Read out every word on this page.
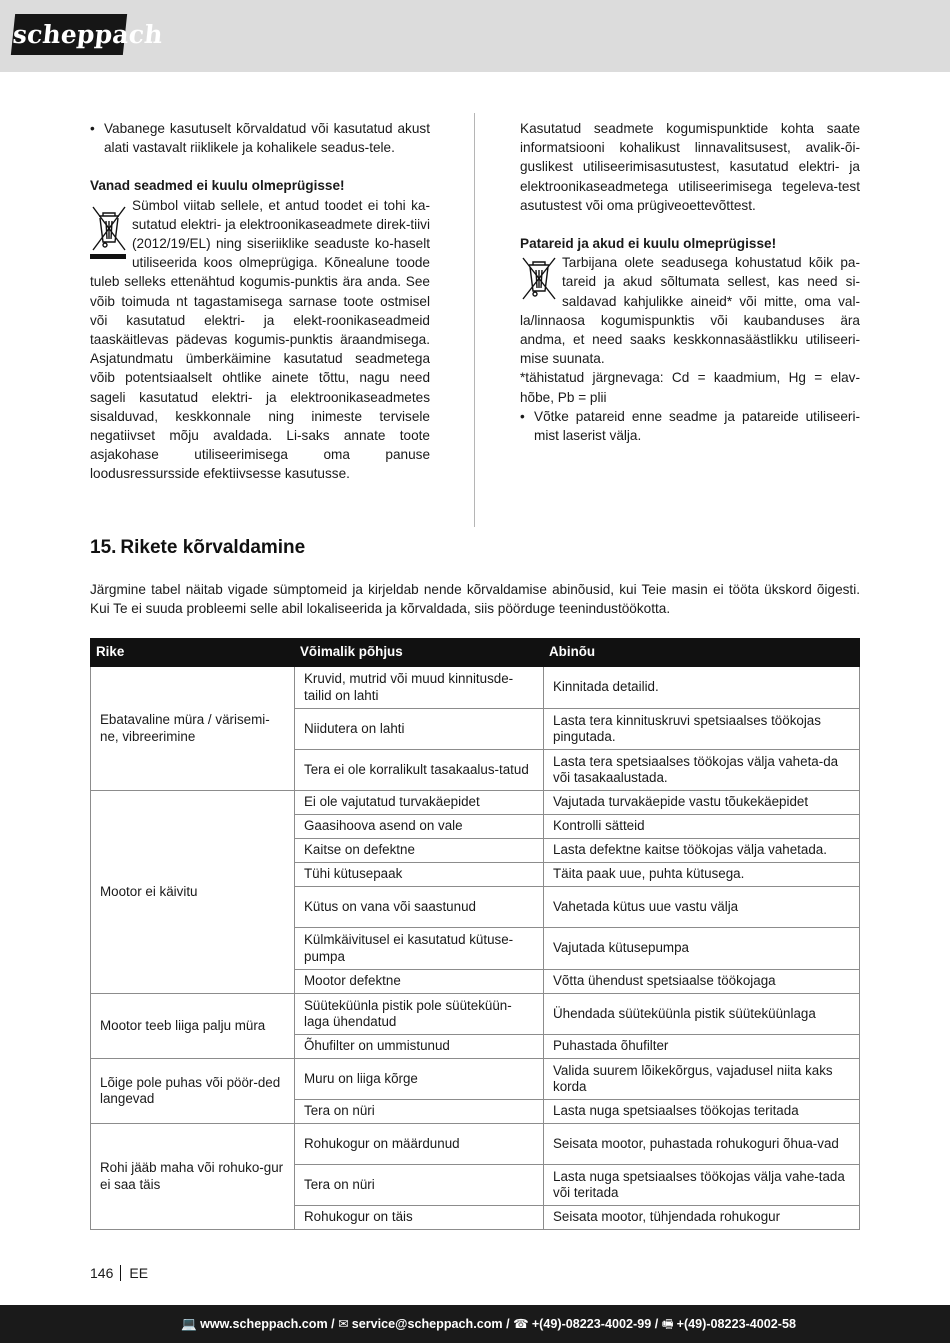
scheppach
• Vabanege kasutuselt kõrvaldatud või kasutatud akust alati vastavalt riiklikele ja kohalikele seadus-tele.

Vanad seadmed ei kuulu olmeprügisse!

Sümbol viitab sellele, et antud toodet ei tohi ka-sutatud elektri- ja elektroonikaseadmete direk-tiivi (2012/19/EL) ning siseriiklike seaduste ko-haselt utiliseerida koos olmeprügiga. Kõnealune toode tuleb selleks ettenähtud kogumis-punktis ära anda. See võib toimuda nt tagastamisega sarnase toote ostmisel või kasutatud elektri- ja elekt-roonikaseadmeid taaskäitlevas pädevas kogumis-punktis äraandmisega. Asjatundmatu ümberkäimine kasutatud seadmetega võib potentsiaalselt ohtlike ainete tõttu, nagu need sageli kasutatud elektri- ja elektroonikaseadmetes sisalduvad, keskkonnale ning inimeste tervisele negatiivset mõju avaldada. Li-saks annate toote asjakohase utiliseerimisega oma panuse loodusressursside efektiivsesse kasutusse.

Kasutatud seadmete kogumispunktide kohta saate informatsiooni kohalikust linnavalitsusest, avalik-õi-guslikest utiliseerimisasutustest, kasutatud elektri- ja elektroonikaseadmetega utiliseerimisega tegeleva-test asutustest või oma prügiveoettevõttest.

Patareid ja akud ei kuulu olmeprügisse!

Tarbijana olete seadusega kohustatud kõik pa-tareid ja akud sõltumata sellest, kas need si-saldavad kahjulikke aineid* või mitte, oma val-la/linnaosa kogumispunktis või kaubanduses ära andma, et need saaks keskkonnasäästlikku utiliseeri-mise suunata.

*tähistatud järgnevaga: Cd = kaadmium, Hg = elav-hõbe, Pb = plii

• Võtke patareid enne seadme ja patareide utiliseeri-mist laserist välja.
15. Rikete kõrvaldamine

Järgmine tabel näitab vigade sümptomeid ja kirjeldab nende kõrvaldamise abinõusid, kui Teie masin ei tööta ükskord õigesti. Kui Te ei suuda probleemi selle abil lokaliseerida ja kõrvaldada, siis pöörduge teenindustöökotta.

Rike	Võimalik põhjus	Abinõu
Ebatavaline müra / värisemi-ne, vibreerimine	Kruvid, mutrid või muud kinnitusde-tailid on lahti	Kinnitada detailid.
	Niidutera on lahti	Lasta tera kinnituskruvi spetsiaalses töökojas pingutada.
	Tera ei ole korralikult tasakaalus-tatud	Lasta tera spetsiaalses töökojas välja vaheta-da või tasakaalustada.
Mootor ei käivitu	Ei ole vajutatud turvakäepidet	Vajutada turvakäepide vastu tõukekäepidet
	Gaasihoova asend on vale	Kontrolli sätteid
	Kaitse on defektne	Lasta defektne kaitse töökojas välja vahetada.
	Tühi kütusepaak	Täita paak uue, puhta kütusega.
	Kütus on vana või saastunud	Vahetada kütus uue vastu välja
	Külmkäivitusel ei kasutatud kütuse-pumpa	Vajutada kütusepumpa
	Mootor defektne	Võtta ühendust spetsiaalse töökojaga
Mootor teeb liiga palju müra	Süüteküünla pistik pole süüteküün-laga ühendatud	Ühendada süüteküünla pistik süüteküünlaga
	Õhufilter on ummistunud	Puhastada õhufilter
Lõige pole puhas või pöör-ded langevad	Muru on liiga kõrge	Valida suurem lõikekõrgus, vajadusel niita kaks korda
	Tera on nüri	Lasta nuga spetsiaalses töökojas teritada
Rohi jääb maha või rohuko-gur ei saa täis	Rohukogur on määrdunud	Seisata mootor, puhastada rohukoguri õhua-vad
	Tera on nüri	Lasta nuga spetsiaalses töökojas välja vahe-tada või teritada
	Rohukogur on täis	Seisata mootor, tühjendada rohukogur
146 EE
💻 www.scheppach.com / ✉ service@scheppach.com / ☎ +(49)-08223-4002-99 / 🖷 +(49)-08223-4002-58
